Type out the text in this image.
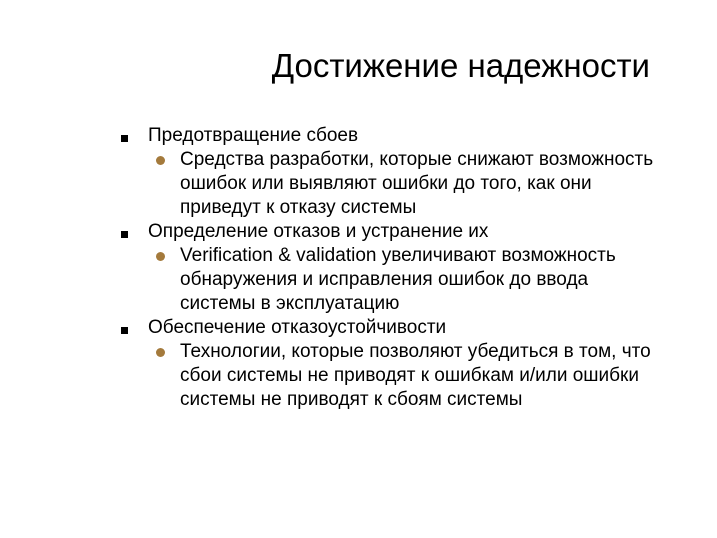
Достижение надежности
Предотвращение сбоев
Средства разработки, которые снижают возможность
ошибок или выявляют ошибки до того, как они
приведут к отказу системы
Определение отказов и устранение их
Verification & validation увеличивают возможность
обнаружения и исправления ошибок до ввода
системы в эксплуатацию
Обеспечение отказоустойчивости
Технологии, которые позволяют убедиться в том, что
сбои системы не приводят к ошибкам и/или ошибки
системы не приводят к сбоям системы
